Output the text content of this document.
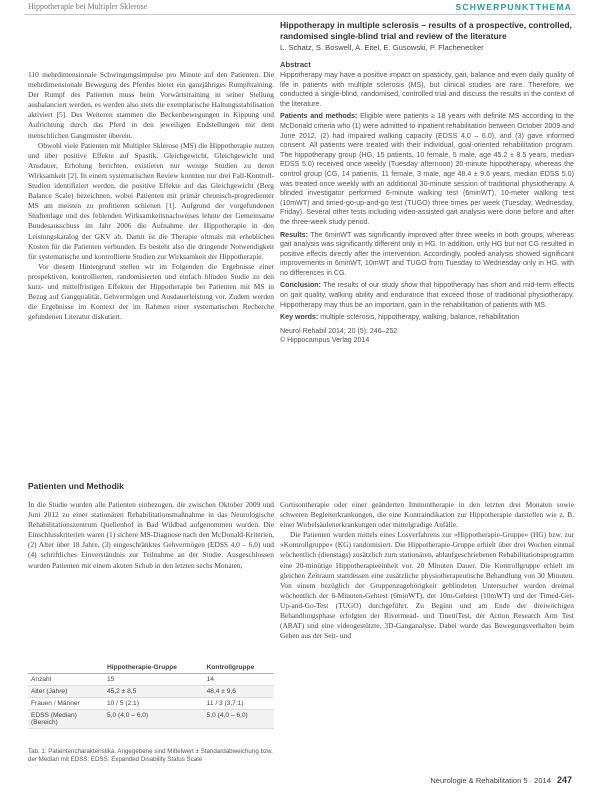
Hippotherapie bei Multipler Sklerose	SCHWERPUNKTTHEMA

110 mehrdimensionale Schwingungsimpulse pro Minute auf den Patienten. Die mehrdimensionale Bewegung des Pferdes bietet ein ganzjähriges Rumpftraining. Der Rumpf des Patienten muss beim Vorwärtstraining in seiner Stellung ausbalanciert werden, es werden also stets die exemplarische Haltungsstabilisation aktiviert [5]. Des Weiteren stammen die Beckenbewegungen in Kippung und Aufrichtung durch das Pferd in den jeweiligen Endstellungen mit dem menschlichen Gangmuster überein.

Obwohl viele Patienten mit Multipler Sklerose (MS) die Hippotherapie nutzen und über positive Effekte auf Spastik, Gleichgewicht, Gleichgewicht und Ansdauer, Erholung berichten, existieren nur wenige Studien zu deren Wirksamkeit [2]. In einem systematischen Review konnten nur drei Fall-Kontroll-Studien identifiziert werden, die positive Effekte auf das Gleichgewicht (Berg Balance Scale) bezeichnen, wobei Patienten mit primär chronisch-progredienter MS am meisten zu profitieren schienen [1]. Aufgrund der vorgefundenen Studienlage und des fehlenden Wirksamkeitsnachweises lehnte der Gemeinsame Bundesausschuss im Jahr 2006 die Aufnahme der Hippotherapie in den Leistungskatalog der GKV ab. Damit ist die Therapie oftmals mit erheblichen Kosten für die Patienten verbunden. Es besteht also die dringende Notwendigkeit für systematische und kontrollierte Studien zur Wirksamkeit der Hippotherapie.

Vor diesem Hintergrund stellen wir im Folgenden die Ergebnisse einer prospektiven, kontrollierten, randomisierten und einfach blinden Studie zu den kurz- und mittelfristigen Effekten der Hippotherapie bei Patienten mit MS in Bezug auf Gangqualität, Gehvermögen und Ausdauerleistung vor. Zudem werden die Ergebnisse im Kontext der im Rahmen einer systematischen Recherche gefundenen Literatur diskutiert.

Hippotherapy in multiple sclerosis – results of a prospective, controlled, randomised single-blind trial and review of the literature
L. Schatz, S. Boswell, A. Eitel, E. Gusowski, P. Flachenecker
Abstract

Hippotherapy may have a positive impact on spasticity, gait, balance and even daily quality of life in patients with multiple sclerosis (MS), but clinical studies are rare. Therefore, we conducted a single-blind, randomised, controlled trial and discuss the results in the context of the literature.

Patients and methods: Eligible were patients ≥ 18 years with definite MS according to the McDonald criteria who (1) were admitted to inpatient rehabilitation between October 2009 and June 2012, (2) had impaired walking capacity (EDSS 4.0 – 6.0), and (3) gave informed consent. All patients were treated with their individual, goal-oriented rehabilitation program. The hippotherapy group (HG, 15 patients, 10 female, 5 male, age 45.2 ± 8.5 years, median EDSS 5.0) received once weekly (Tuesday afternoon) 20-minute hippotherapy, whereas the control group (CG, 14 patients, 11 female, 3 male, age 48.4 ± 9.6 years, median EDSS 5.0) was treated once weekly with an additional 30-minute session of traditional physiotherapy. A blinded investigator performed 6-minute walking test (6minWT), 10-meter walking test (10mWT) and timed-go-up-and-go test (TUGO) three times per week (Tuesday, Wednesday, Friday). Several other tests including video-assisted gait analysis were done before and after the three-week study period.

Results: The 6minWT was significantly improved after three weeks in both groups, whereas gait analysis was significantly different only in HG. In addition, only HG but not CG resulted in positive effects directly after the intervention. Accordingly, pooled analysis showed significant improvements in 6minWT, 10mWT and TUGO from Tuesday to Wednesday only in HG, with no differences in CG.

Conclusion: The results of our study show that hippotherapy has short and mid-term effects on gait quality, walking ability and endurance that exceed those of traditional physiotherapy. Hippotherapy may thus be an important, gain in the rehabilitation of patients with MS.

Key words: multiple sclerosis, hippotherapy, walking, balance, rehabilitation

Neurol Rehabil 2014; 20 (5): 246–252
© Hippocampus Verlag 2014
Patienten und Methodik

In die Studie wurden alle Patienten einbezogen, die zwischen Oktober 2009 und Juni 2012 zu einer stationären Rehabilitationsmaßnahme in das Neurologische Rehabilitationszentrum Quellenhof in Bad Wildbad aufgenommen wurden. Die Einschlusskriterien waren (1) sichere MS-Diagnose nach den McDonald-Kriterien, (2) Alter über 18 Jahre, (3) eingeschränktes Gehvermögen (EDSS 4,0 – 6,0) und (4) schriftliches Einverständnis zur Teilnahme an der Studie. Ausgeschlossen wurden Patienten mit einem akuten Schub in den letzten sechs Monaten,

Cortisontherapie oder einer geänderten Immuntherapie in den letzten drei Monaten sowie schweren Begleiterkrankungen, die eine Kontraindikation zur Hippotherapie darstellen wie z. B. einer Wirbelsäulenerkrankungen oder mittelgradige Anfälle.

Die Patienten wurden mittels eines Losverfahrens zur »Hippotherapie-Gruppe« (HG) bzw. zur »Kontrollgruppe« (KG) randomisiert. Die Hippotherapie-Gruppe erhielt über drei Wochen einmal wöchentlich (dienstags) zusätzlich zum stationären, ablaufgeschriebenen Rehabilitationsprogramm eine 20-minütige Hippotherapieeinheit vor. 20 Minuten Dauer. Die Kontrollgruppe erhielt im gleichen Zeitraum stattdessen eine zusätzliche physiotherapeutische Behandlung von 30 Minuten. Von einem bezüglich der Gruppenzugehörigkeit geblindeten Untersucher wurden dreimal wöchentlich der 6-Minuten-Gehtest (6minWT), der 10m-Gehtest (10mWT) und der Timed-Get-Up-and-Go-Test (TUGO) durchgeführt. Zu Beginn und am Ende der dreiwöchigen Behandlungsphase erfolgten der Rivermead- und TinettiTest, der Action Research Arm Test (ARAT) und eine videogestützte, 3D-Ganganalyse. Dabei wurde das Bewegungsverhalten beim Gehen aus der Seit- und

	Hippotherapie-Gruppe	Kontrollgruppe
Anzahl	15	14
Alter (Jahre)	45,2 ± 8,5	48,4 ± 9,6
Frauen / Männer	10 / 5 (2:1)	11 / 3 (3,7:1)
EDSS (Median) (Bereich)	5,0 (4,0 – 6,0)	5,0 (4,0 – 6,0)
Tab. 1: Patientencharakteristika. Angegebene sind Mittelwert ± Standardabweichung bzw. der Median mit EDSS: EDSS: Expanded Disability Status Scale
Neurologie & Rehabilitation 5 · 2014 247
